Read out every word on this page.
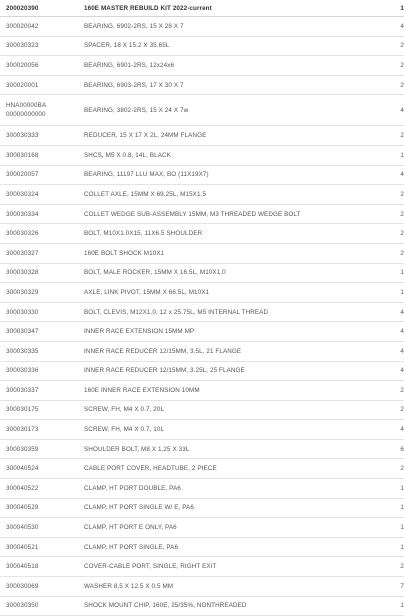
200020390	160E MASTER REBUILD KIT 2022-current	1
300020042	BEARING, 6902-2RS, 15 X 28 X 7	4
300030323	SPACER, 18 X 15.2 X 35.65L	2
300020056	BEARING, 6901-2RS, 12x24x6	2
300020001	BEARING, 6903-2RS, 17 X 30 X 7	2
HNA00000BA
00000000000	BEARING, 3802-2RS, 15 X 24 X 7w	4
300030333	REDUCER, 15 X 17 X 2L, 24MM FLANGE	2
300030168	SHCS, M5 X 0.8, 14L, BLACK	1
300020057	BEARING, 11197 LLU MAX, BO (11X19X7)	4
300030324	COLLET AXLE, 15MM X 69.25L, M15X1.5	2
300030334	COLLET WEDGE SUB-ASSEMBLY 15MM, M3 THREADED WEDGE BOLT	2
300030326	BOLT, M10X1.0X15, 11X6.5 SHOULDER	2
300030327	160E BOLT SHOCK M10X1	2
300030328	BOLT, MALE ROCKER, 15MM X 16.5L, M10X1.0	1
300030329	AXLE, LINK PIVOT, 15MM X 66.5L, M10X1	1
300030330	BOLT, CLEVIS, M12X1.0, 12 x 25.75L, M5 INTERNAL THREAD	4
300030347	INNER RACE EXTENSION 15MM MP	4
300030335	INNER RACE REDUCER 12/15MM, 3.5L, 21 FLANGE	4
300030336	INNER RACE REDUCER 12/15MM, 3.25L, 25 FLANGE	4
300030337	160E INNER RACE EXTENSION 10MM	2
300030175	SCREW, FH, M4 X 0.7, 20L	2
300030173	SCREW, FH, M4 X 0.7, 10L	4
300030359	SHOULDER BOLT, M8 X 1.25 X 33L	6
300040524	CABLE PORT COVER, HEADTUBE, 2 PIECE	2
300040522	CLAMP, HT PORT DOUBLE, PA6	1
300040529	CLAMP, HT PORT SINGLE W/ E, PA6	1
300040530	CLAMP, HT PORT E ONLY, PA6	1
300040521	CLAMP, HT PORT SINGLE, PA6	1
300040518	COVER-CABLE PORT, SINGLE, RIGHT EXIT	2
300030069	WASHER 8.5 X 12.5 X 0.5 MM	7
300030350	SHOCK MOUNT CHIP, 160E, 25/35%, NONTHREADED	1
